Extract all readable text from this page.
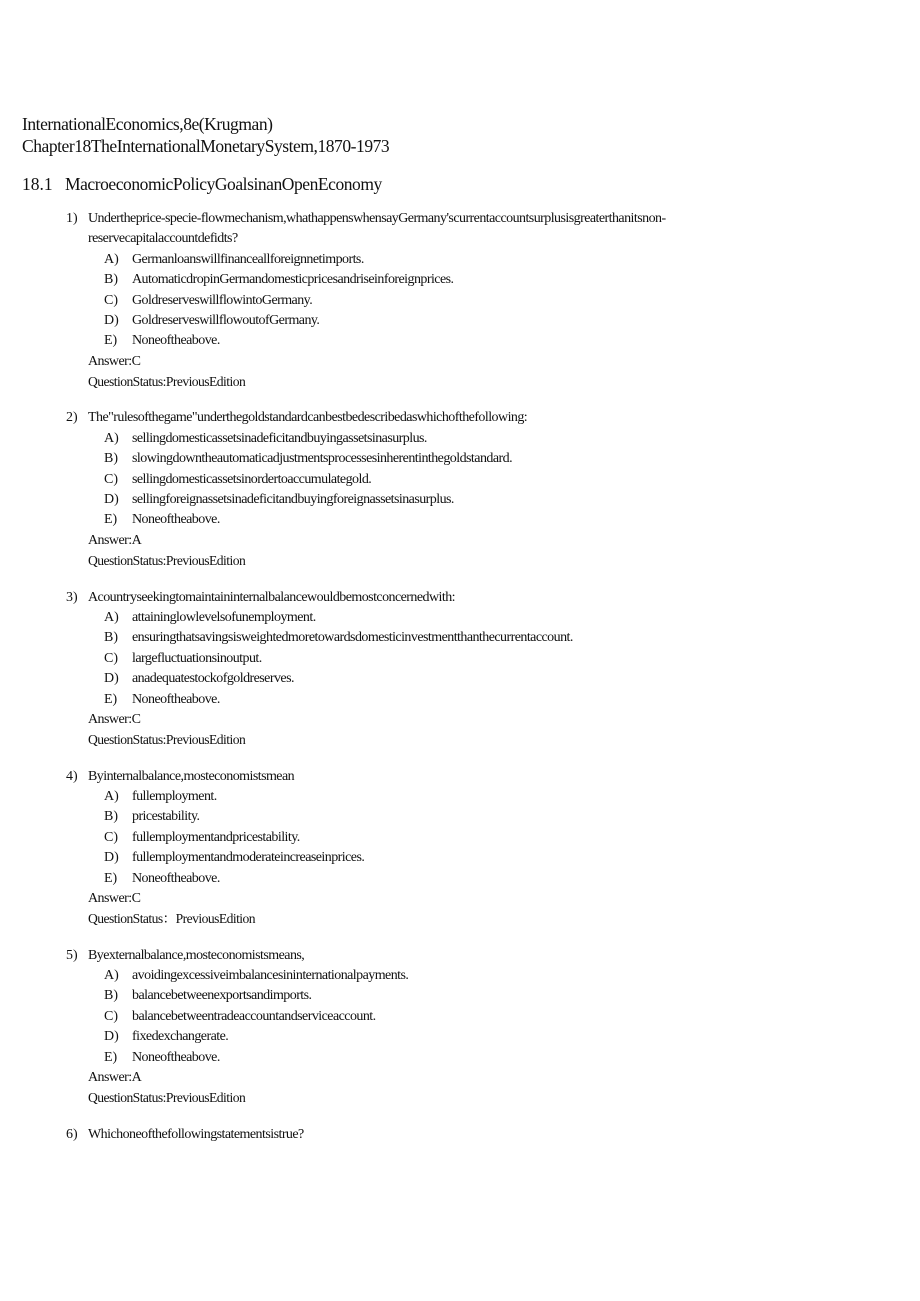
InternationalEconomics,8e(Krugman)
Chapter18TheInternationalMonetarySystem,1870-1973
18.1 MacroeconomicPolicyGoalsinanOpenEconomy
1) Undertheprice-specie-flowmechanism,whathappenswhensayGermany'scurrentaccountsurplusisgreaterthanitsnon-reservecapitalaccountdefidts?
A) Germanloanswillfinanceallforeignnetimports.
B) AutomaticdropinGermandomesticpricesandriseinforeignprices.
C) GoldreserveswillflowintoGermany.
D) GoldreserveswillflowoutofGermany.
E) Noneoftheabove.
Answer:C
QuestionStatus:PreviousEdition
2) The"rulesofthegame"underthegoldstandardcanbestbedescribedaswhichofthefollowing:
A) sellingdomesticassetsinadeficitandbuyingassetsinasurplus.
B) slowingdowntheautomaticadjustmentsprocessesinherentinthegoldstandard.
C) sellingdomesticassetsinordertoaccumulategold.
D) sellingforeignassetsinadeficitandbuyingforeignassetsinasurplus.
E) Noneoftheabove.
Answer:A
QuestionStatus:PreviousEdition
3) Acountryseekingtomaintaininternalbalancewouldbemostconcernedwith:
A) attaininglowlevelsofunemployment.
B) ensuringthatsavingsisweightedmoretowardsdomesticinvestmentthanthecurrentaccount.
C) largefluctuationsinoutput.
D) anadequatestockofgoldreserves.
E) Noneoftheabove.
Answer:C
QuestionStatus:PreviousEdition
4) Byinternalbalance,mosteconomistsmean
A) fullemployment.
B) pricestability.
C) fullemploymentandpricestability.
D) fullemploymentandmoderateincreaseinprices.
E) Noneoftheabove.
Answer:C
QuestionStatus：PreviousEdition
5) Byexternalbalance,mosteconomistsmeans,
A) avoidingexcessiveimbalancesininternationalpayments.
B) balancebetweenexportsandimports.
C) balancebetweentradeaccountandserviceaccount.
D) fixedexchangerate.
E) Noneoftheabove.
Answer:A
QuestionStatus:PreviousEdition
6) Whichoneofthefollowingstatementsistrue?
